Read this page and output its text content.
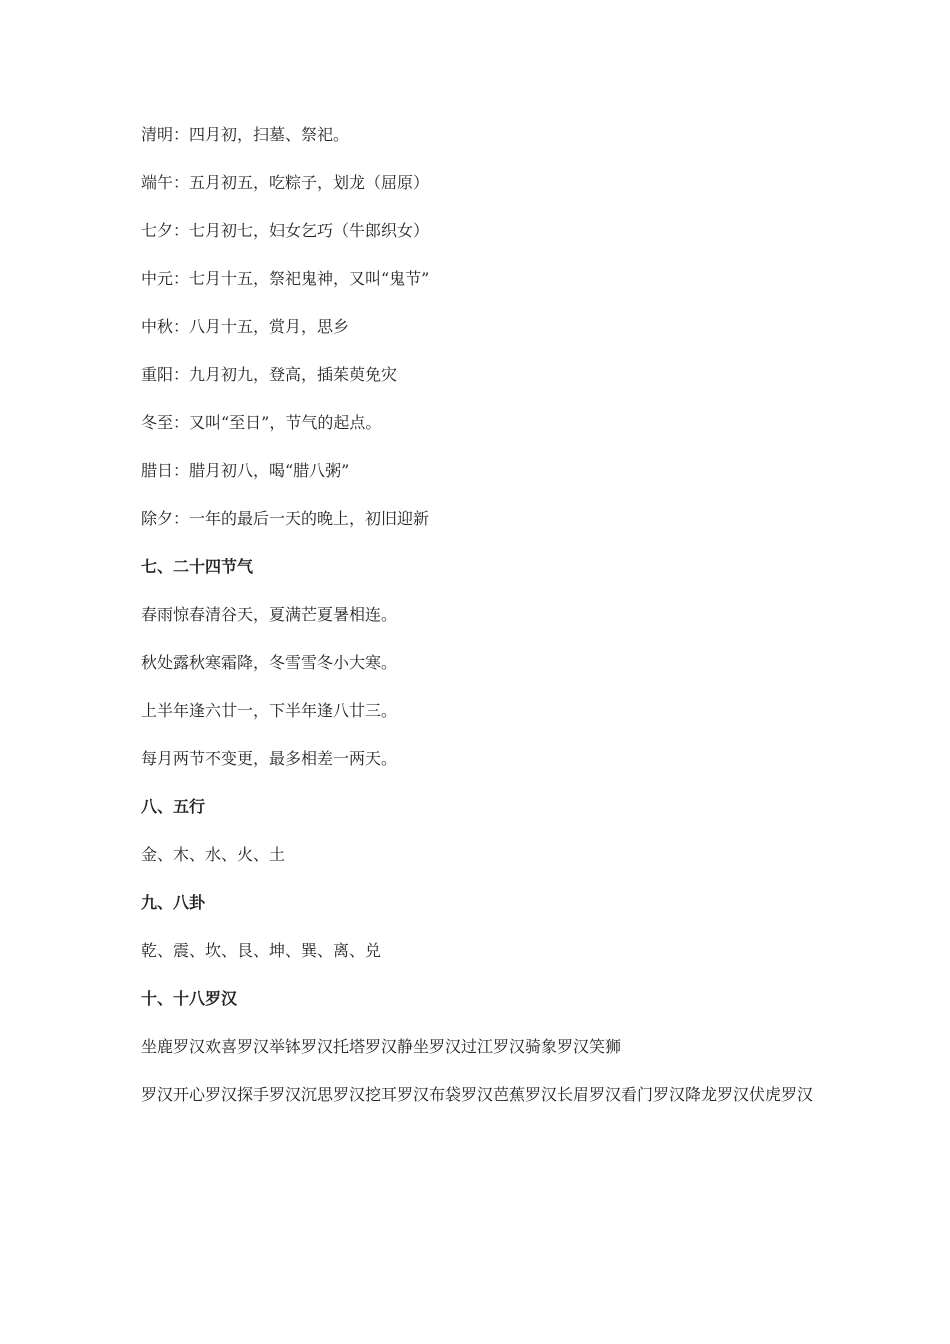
清明：四月初，扫墓、祭祀。

端午：五月初五，吃粽子，划龙（屈原）

七夕：七月初七，妇女乞巧（牛郎织女）

中元：七月十五，祭祀鬼神，又叫“鬼节”

中秋：八月十五，赏月，思乡

重阳：九月初九，登高，插茱萸免灾

冬至：又叫“至日”，节气的起点。

腊日：腊月初八，喝“腊八粥”

除夕：一年的最后一天的晚上，初旧迎新

七、二十四节气

春雨惊春清谷天，夏满芒夏暑相连。

秋处露秋寒霜降，冬雪雪冬小大寒。

上半年逢六廿一，下半年逢八廿三。

每月两节不变更，最多相差一两天。

八、五行

金、木、水、火、土

九、八卦

乾、震、坎、艮、坤、巽、离、兑

十、十八罗汉

坐鹿罗汉欢喜罗汉举钵罗汉托塔罗汉静坐罗汉过江罗汉骑象罗汉笑狮

罗汉开心罗汉探手罗汉沉思罗汉挖耳罗汉布袋罗汉芭蕉罗汉长眉罗汉看门罗汉降龙罗汉伏虎罗汉
